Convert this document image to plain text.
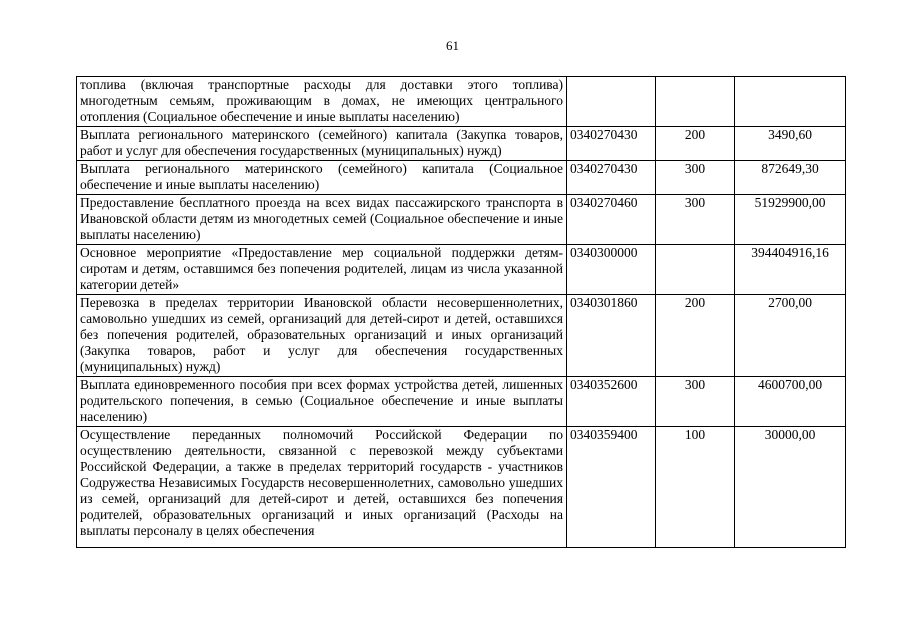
61
топлива (включая транспортные расходы для доставки этого топлива) многодетным семьям, проживающим в домах, не имеющих центрального отопления (Социальное обеспечение и иные выплаты населению)			
Выплата регионального материнского (семейного) капитала (Закупка товаров, работ и услуг для обеспечения государственных (муниципальных) нужд)	0340270430	200	3490,60
Выплата регионального материнского (семейного) капитала (Социальное обеспечение и иные выплаты населению)	0340270430	300	872649,30
Предоставление бесплатного проезда на всех видах пассажирского транспорта в Ивановской области детям из многодетных семей (Социальное обеспечение и иные выплаты населению)	0340270460	300	51929900,00
Основное мероприятие «Предоставление мер социальной поддержки детям-сиротам и детям, оставшимся без попечения родителей, лицам из числа указанной категории детей»	0340300000		394404916,16
Перевозка в пределах территории Ивановской области несовершеннолетних, самовольно ушедших из семей, организаций для детей-сирот и детей, оставшихся без попечения родителей, образовательных организаций и иных организаций (Закупка товаров, работ и услуг для обеспечения государственных (муниципальных) нужд)	0340301860	200	2700,00
Выплата единовременного пособия при всех формах устройства детей, лишенных родительского попечения, в семью (Социальное обеспечение и иные выплаты населению)	0340352600	300	4600700,00

Осуществление переданных полномочий Российской Федерации по осуществлению деятельности, связанной с перевозкой между субъектами Российской Федерации, а также в пределах территорий государств - участников Содружества Независимых Государств несовершеннолетних, самовольно ушедших из семей, организаций для детей-сирот и детей, оставшихся без попечения родителей, образовательных организаций и иных организаций (Расходы на выплаты персоналу в целях обеспечения	0340359400	100	30000,00
